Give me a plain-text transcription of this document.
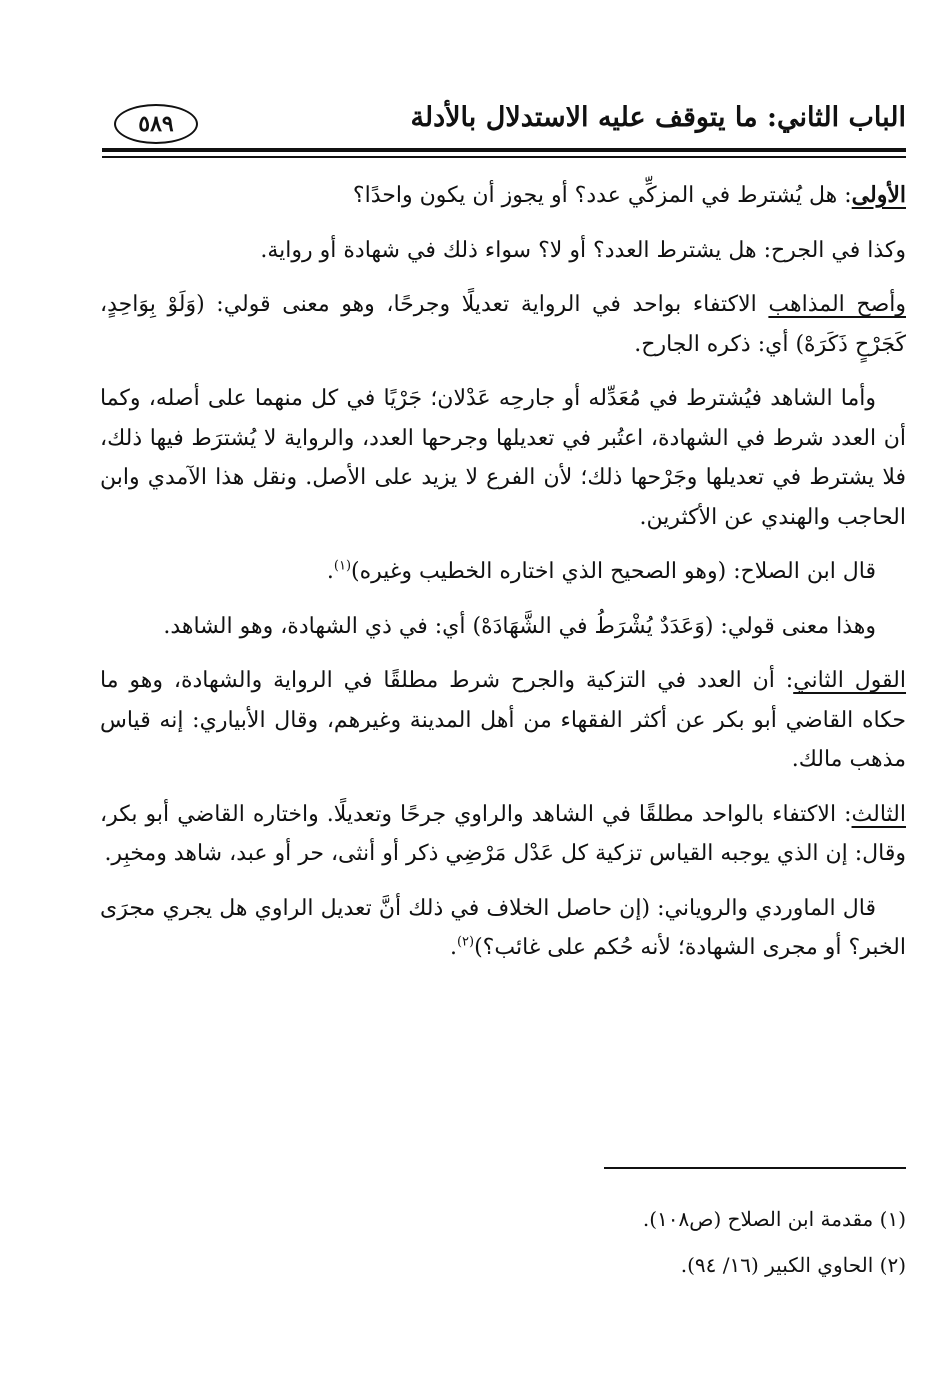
الباب الثاني: ما يتوقف عليه الاستدلال بالأدلة
٥٨٩

الأولى: هل يُشترط في المزكِّي عدد؟ أو يجوز أن يكون واحدًا؟

وكذا في الجرح: هل يشترط العدد؟ أو لا؟ سواء ذلك في شهادة أو رواية.

وأصح المذاهب الاكتفاء بواحد في الرواية تعديلًا وجرحًا، وهو معنى قولي: (وَلَوْ بِوَاحِدٍ، كَجَرْحٍ ذَكَرَهْ) أي: ذكره الجارح.

وأما الشاهد فيُشترط في مُعَدِّله أو جارحِه عَدْلان؛ جَرْيًا في كل منهما على أصله، وكما أن العدد شرط في الشهادة، اعتُبر في تعديلها وجرحها العدد، والرواية لا يُشترَط فيها ذلك، فلا يشترط في تعديلها وجَرْحها ذلك؛ لأن الفرع لا يزيد على الأصل. ونقل هذا الآمدي وابن الحاجب والهندي عن الأكثرين.

قال ابن الصلاح: (وهو الصحيح الذي اختاره الخطيب وغيره)$^{(١)}$.

وهذا معنى قولي: (وَعَدَدٌ يُشْرَطُ في الشَّهَادَهْ) أي: في ذي الشهادة، وهو الشاهد.

القول الثاني: أن العدد في التزكية والجرح شرط مطلقًا في الرواية والشهادة، وهو ما حكاه القاضي أبو بكر عن أكثر الفقهاء من أهل المدينة وغيرهم، وقال الأبياري: إنه قياس مذهب مالك.

الثالث: الاكتفاء بالواحد مطلقًا في الشاهد والراوي جرحًا وتعديلًا. واختاره القاضي أبو بكر، وقال: إن الذي يوجبه القياس تزكية كل عَدْل مَرْضِي ذكر أو أنثى، حر أو عبد، شاهد ومخبِر.

قال الماوردي والروياني: (إن حاصل الخلاف في ذلك أنَّ تعديل الراوي هل يجري مجرَى الخبر؟ أو مجرى الشهادة؛ لأنه حُكم على غائب؟)$^{(٢)}$.

(١) مقدمة ابن الصلاح (ص١٠٨).

(٢) الحاوي الكبير (١٦/ ٩٤).
